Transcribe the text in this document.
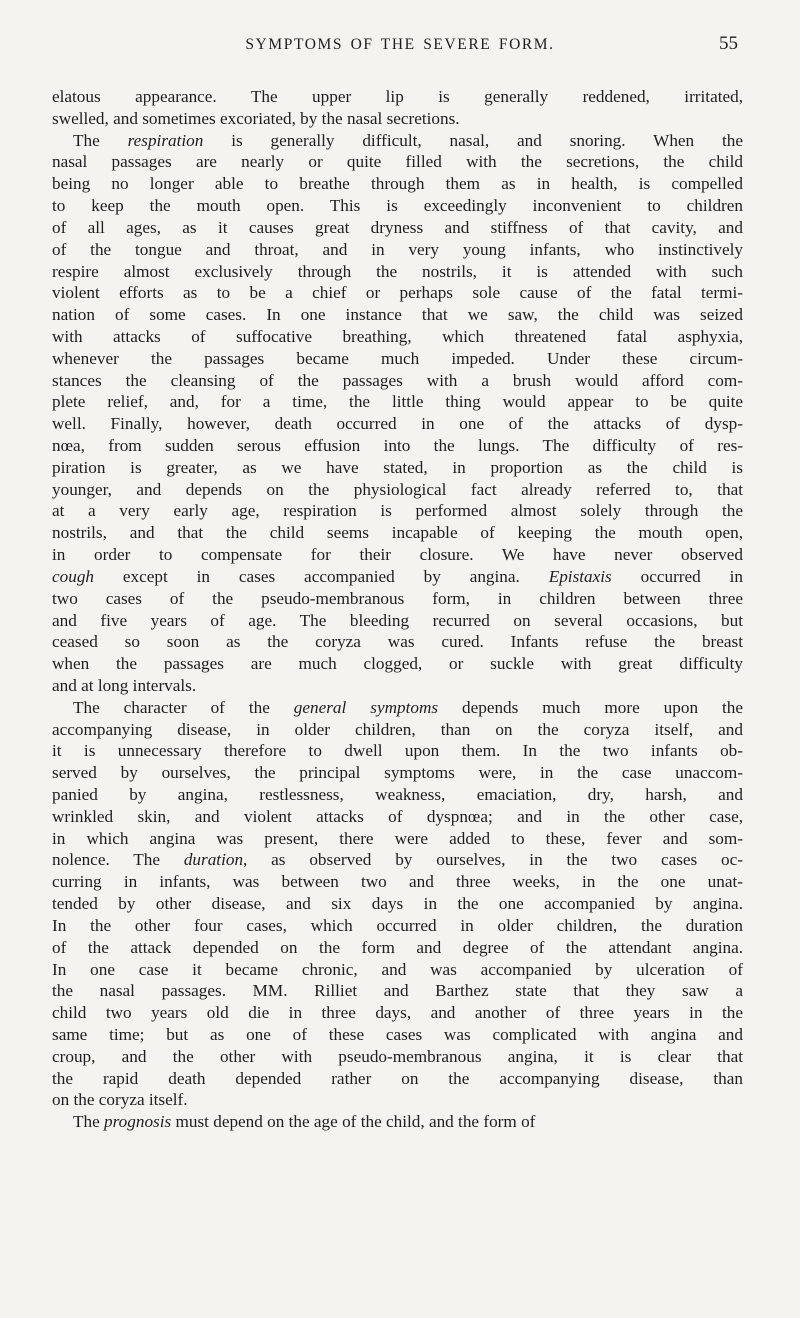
SYMPTOMS OF THE SEVERE FORM.	55
elatous appearance. The upper lip is generally reddened, irritated,
swelled, and sometimes excoriated, by the nasal secretions.
The respiration is generally difficult, nasal, and snoring. When the
nasal passages are nearly or quite filled with the secretions, the child
being no longer able to breathe through them as in health, is compelled
to keep the mouth open. This is exceedingly inconvenient to children
of all ages, as it causes great dryness and stiffness of that cavity, and
of the tongue and throat, and in very young infants, who instinctively
respire almost exclusively through the nostrils, it is attended with such
violent efforts as to be a chief or perhaps sole cause of the fatal termi-
nation of some cases. In one instance that we saw, the child was seized
with attacks of suffocative breathing, which threatened fatal asphyxia,
whenever the passages became much impeded. Under these circum-
stances the cleansing of the passages with a brush would afford com-
plete relief, and, for a time, the little thing would appear to be quite
well. Finally, however, death occurred in one of the attacks of dysp-
nœa, from sudden serous effusion into the lungs. The difficulty of res-
piration is greater, as we have stated, in proportion as the child is
younger, and depends on the physiological fact already referred to, that
at a very early age, respiration is performed almost solely through the
nostrils, and that the child seems incapable of keeping the mouth open,
in order to compensate for their closure. We have never observed
cough except in cases accompanied by angina. Epistaxis occurred in
two cases of the pseudo-membranous form, in children between three
and five years of age. The bleeding recurred on several occasions, but
ceased so soon as the coryza was cured. Infants refuse the breast
when the passages are much clogged, or suckle with great difficulty
and at long intervals.
The character of the general symptoms depends much more upon the
accompanying disease, in older children, than on the coryza itself, and
it is unnecessary therefore to dwell upon them. In the two infants ob-
served by ourselves, the principal symptoms were, in the case unaccom-
panied by angina, restlessness, weakness, emaciation, dry, harsh, and
wrinkled skin, and violent attacks of dyspnœa; and in the other case,
in which angina was present, there were added to these, fever and som-
nolence. The duration, as observed by ourselves, in the two cases oc-
curring in infants, was between two and three weeks, in the one unat-
tended by other disease, and six days in the one accompanied by angina.
In the other four cases, which occurred in older children, the duration
of the attack depended on the form and degree of the attendant angina.
In one case it became chronic, and was accompanied by ulceration of
the nasal passages. MM. Rilliet and Barthez state that they saw a
child two years old die in three days, and another of three years in the
same time; but as one of these cases was complicated with angina and
croup, and the other with pseudo-membranous angina, it is clear that
the rapid death depended rather on the accompanying disease, than
on the coryza itself.
The prognosis must depend on the age of the child, and the form of
